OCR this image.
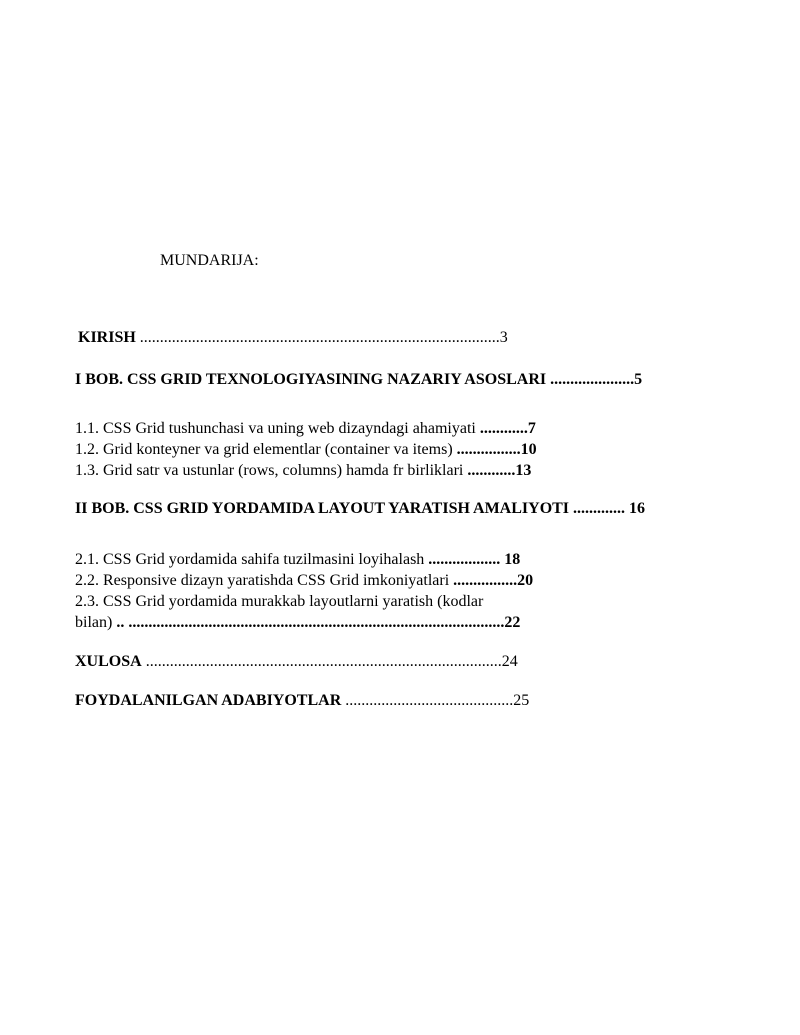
MUNDARIJA:
KIRISH ..........................................................................................3
I BOB. CSS GRID TEXNOLOGIYASINING NAZARIY ASOSLARI .....................5
1.1. CSS Grid tushunchasi va uning web dizayndagi ahamiyati ............7
1.2. Grid konteyner va grid elementlar (container va items) ................10
1.3. Grid satr va ustunlar (rows, columns) hamda fr birliklari ............13
II BOB. CSS GRID YORDAMIDA LAYOUT YARATISH AMALIYOTI ............. 16
2.1. CSS Grid yordamida sahifa tuzilmasini loyihalash .................. 18
2.2. Responsive dizayn yaratishda CSS Grid imkoniyatlari ................20
2.3. CSS Grid yordamida murakkab layoutlarni yaratish (kodlar
bilan) .. ..............................................................................................22
XULOSA .........................................................................................24
FOYDALANILGAN ADABIYOTLAR ..........................................25
